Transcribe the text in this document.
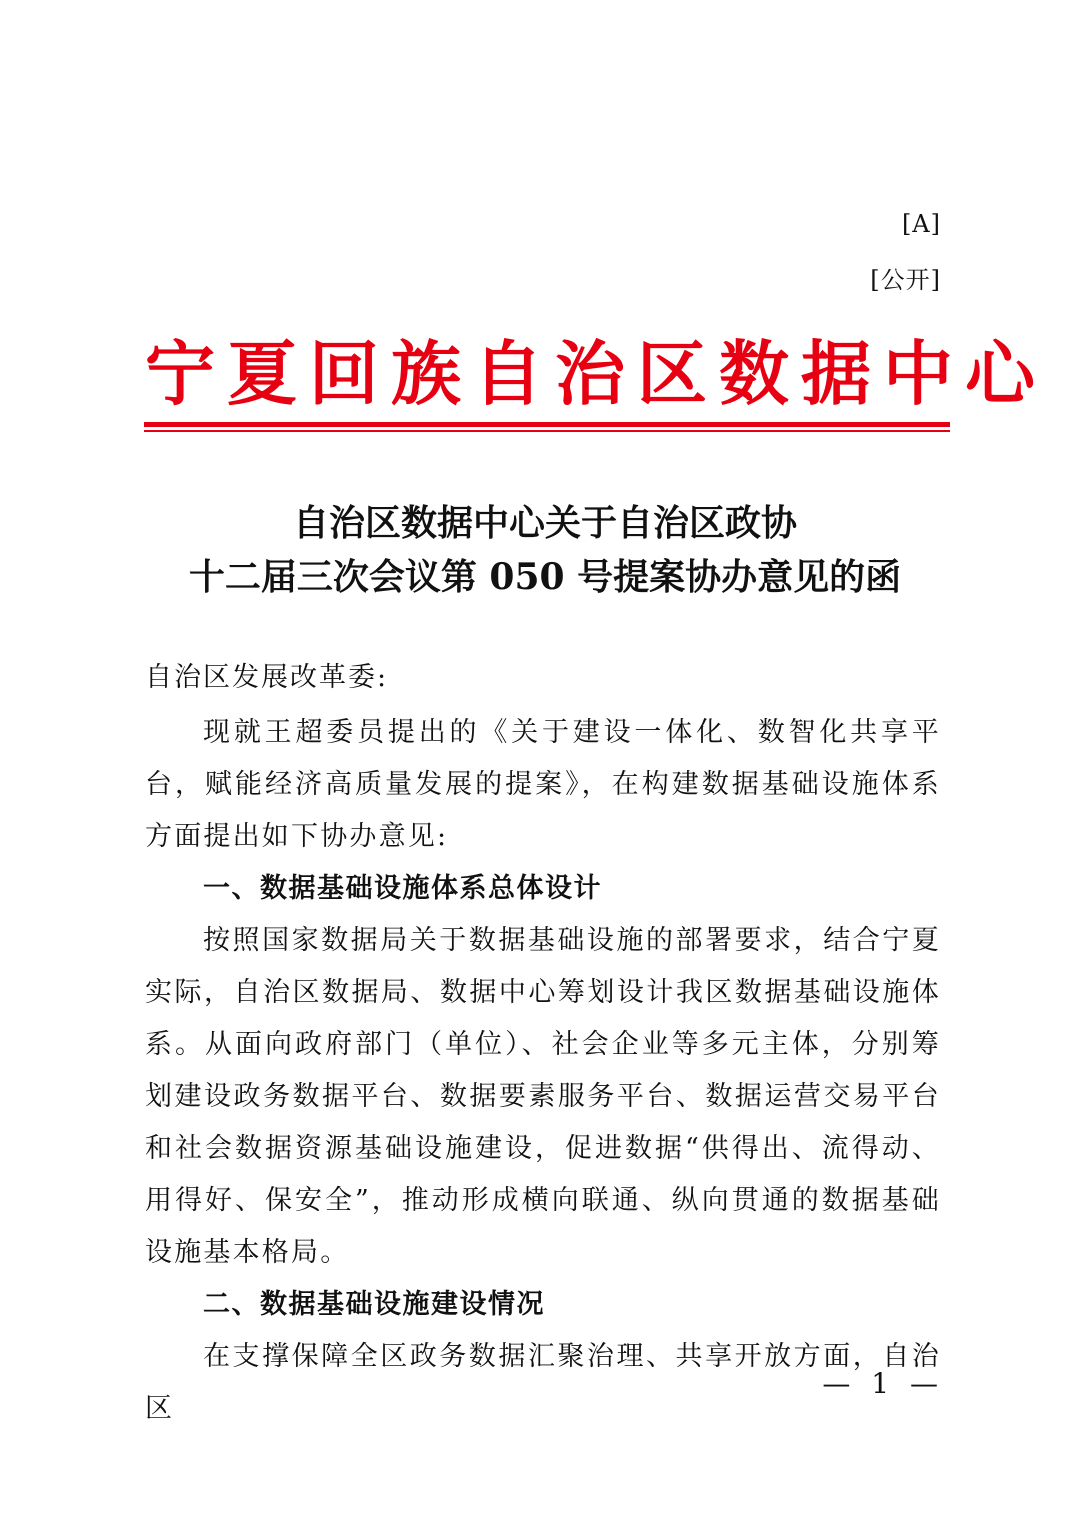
[A]
[公开]
宁夏回族自治区数据中心
自治区数据中心关于自治区政协
十二届三次会议第 050 号提案协办意见的函
自治区发展改革委:

现就王超委员提出的《关于建设一体化、数智化共享平台，赋能经济高质量发展的提案》，在构建数据基础设施体系方面提出如下协办意见:

一、数据基础设施体系总体设计

按照国家数据局关于数据基础设施的部署要求，结合宁夏实际，自治区数据局、数据中心筹划设计我区数据基础设施体系。从面向政府部门（单位）、社会企业等多元主体，分别筹划建设政务数据平台、数据要素服务平台、数据运营交易平台和社会数据资源基础设施建设，促进数据“供得出、流得动、用得好、保安全”，推动形成横向联通、纵向贯通的数据基础设施基本格局。

二、数据基础设施建设情况

在支撑保障全区政务数据汇聚治理、共享开放方面，自治区

— 1 —
